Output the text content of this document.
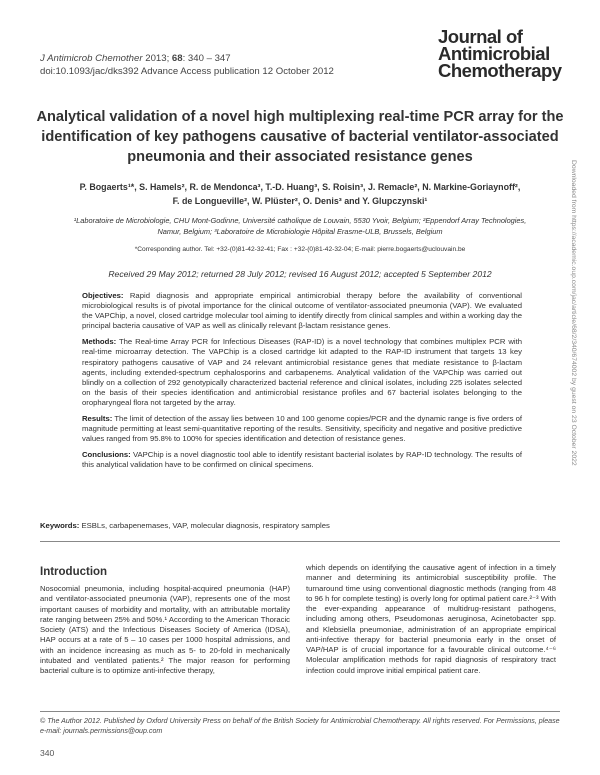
J Antimicrob Chemother 2013; 68: 340 – 347
doi:10.1093/jac/dks392 Advance Access publication 12 October 2012
Journal of
Antimicrobial
Chemotherapy
Analytical validation of a novel high multiplexing real-time PCR array for the identification of key pathogens causative of bacterial ventilator-associated pneumonia and their associated resistance genes
P. Bogaerts¹*, S. Hamels², R. de Mendonca³, T.-D. Huang³, S. Roisin³, J. Remacle², N. Markine-Goriaynoff²,
F. de Longueville², W. Plüster², O. Denis³ and Y. Glupczynski¹
¹Laboratoire de Microbiologie, CHU Mont-Godinne, Université catholique de Louvain, 5530 Yvoir, Belgium; ²Eppendorf Array Technologies,
Namur, Belgium; ³Laboratoire de Microbiologie Hôpital Erasme-ULB, Brussels, Belgium
*Corresponding author. Tel: +32-(0)81-42-32-41; Fax : +32-(0)81-42-32-04; E-mail: pierre.bogaerts@uclouvain.be
Received 29 May 2012; returned 28 July 2012; revised 16 August 2012; accepted 5 September 2012

Objectives: Rapid diagnosis and appropriate empirical antimicrobial therapy before the availability of conventional microbiological results is of pivotal importance for the clinical outcome of ventilator-associated pneumonia (VAP). We evaluated the VAPChip, a novel, closed cartridge molecular tool aiming to identify directly from clinical samples and within a working day the principal bacteria causative of VAP as well as clinically relevant β-lactam resistance genes.

Methods: The Real-time Array PCR for Infectious Diseases (RAP-ID) is a novel technology that combines multiplex PCR with real-time microarray detection. The VAPChip is a closed cartridge kit adapted to the RAP-ID instrument that targets 13 key respiratory pathogens causative of VAP and 24 relevant antimicrobial resistance genes that mediate resistance to β-lactam agents, including extended-spectrum cephalosporins and carbapenems. Analytical validation of the VAPChip was carried out blindly on a collection of 292 genotypically characterized bacterial reference and clinical isolates, including 225 isolates selected on the basis of their species identification and antimicrobial resistance profiles and 67 bacterial isolates belonging to the oropharyngeal flora not targeted by the array.

Results: The limit of detection of the assay lies between 10 and 100 genome copies/PCR and the dynamic range is five orders of magnitude permitting at least semi-quantitative reporting of the results. Sensitivity, specificity and negative and positive predictive values ranged from 95.8% to 100% for species identification and detection of resistance genes.

Conclusions: VAPChip is a novel diagnostic tool able to identify resistant bacterial isolates by RAP-ID technology. The results of this analytical validation have to be confirmed on clinical specimens.

Keywords: ESBLs, carbapenemases, VAP, molecular diagnosis, respiratory samples
Introduction
Nosocomial pneumonia, including hospital-acquired pneumonia (HAP) and ventilator-associated pneumonia (VAP), represents one of the most important causes of morbidity and mortality, with an attributable mortality rate ranging between 25% and 50%.¹ According to the American Thoracic Society (ATS) and the Infectious Diseases Society of America (IDSA), HAP occurs at a rate of 5 – 10 cases per 1000 hospital admissions, and with an incidence increasing as much as 5- to 20-fold in mechanically intubated and ventilated patients.² The major reason for performing bacterial culture is to optimize anti-infective therapy,
which depends on identifying the causative agent of infection in a timely manner and determining its antimicrobial susceptibility profile. The turnaround time using conventional diagnostic methods (ranging from 48 to 96 h for complete testing) is overly long for optimal patient care.²⁻³ With the ever-expanding appearance of multidrug-resistant pathogens, including among others, Pseudomonas aeruginosa, Acinetobacter spp. and Klebsiella pneumoniae, administration of an appropriate empirical anti-infective therapy for bacterial pneumonia early in the onset of VAP/HAP is of crucial importance for a favourable clinical outcome.⁴⁻⁶ Molecular amplification methods for rapid diagnosis of respiratory tract infection could improve initial empirical patient care.
© The Author 2012. Published by Oxford University Press on behalf of the British Society for Antimicrobial Chemotherapy. All rights reserved. For Permissions, please e-mail: journals.permissions@oup.com
340
Downloaded from https://academic.oup.com/jac/article/68/2/340/674002 by guest on 23 October 2022
